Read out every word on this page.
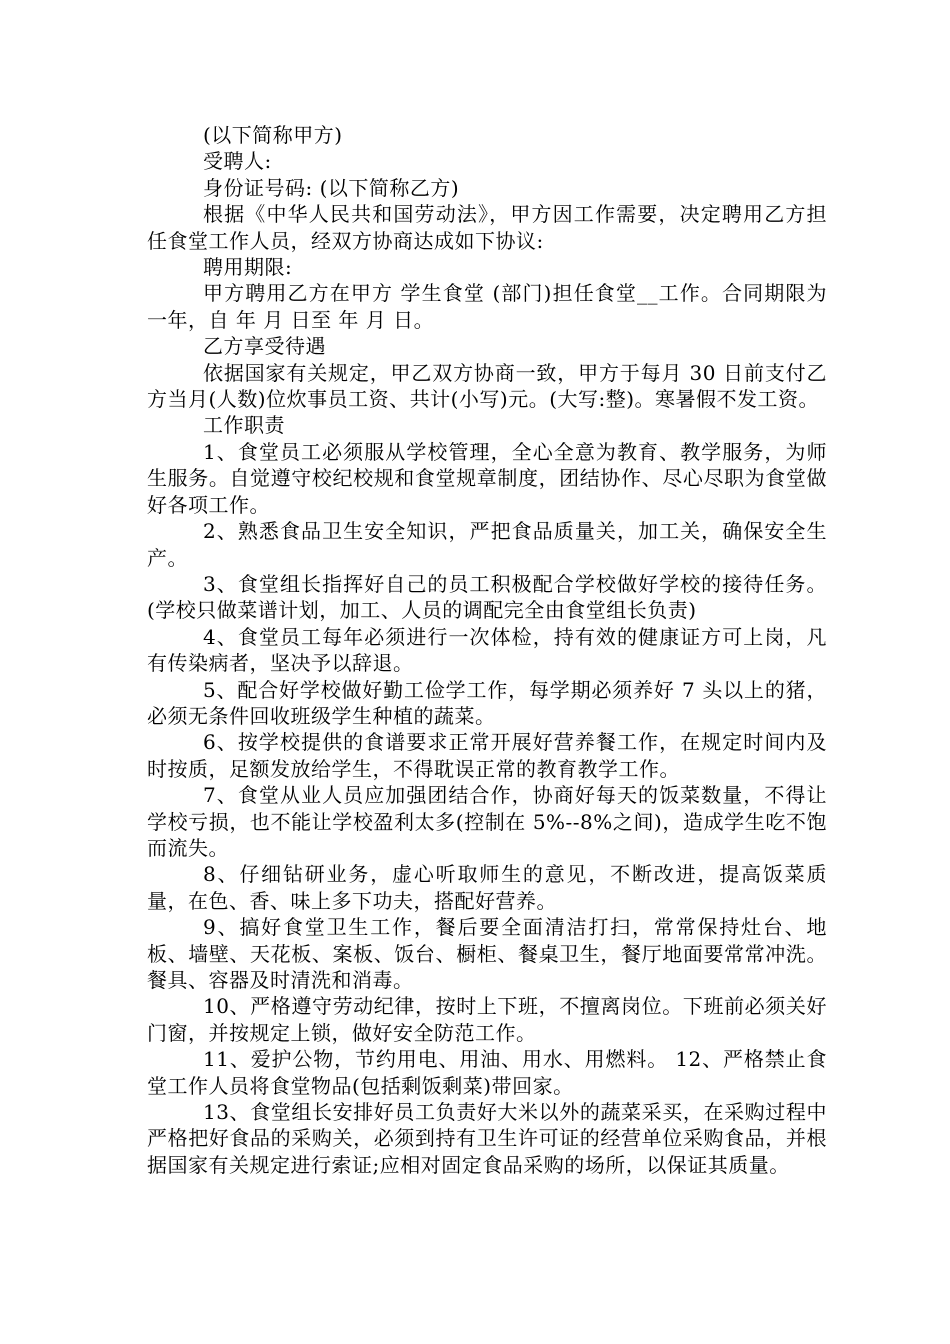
(以下简称甲方)

受聘人:

身份证号码: (以下简称乙方)

根据《中华人民共和国劳动法》，甲方因工作需要，决定聘用乙方担任食堂工作人员，经双方协商达成如下协议:

聘用期限:

甲方聘用乙方在甲方 学生食堂 (部门)担任食堂__工作。合同期限为一年，自 年 月 日至 年 月 日。

乙方享受待遇

依据国家有关规定，甲乙双方协商一致，甲方于每月 30 日前支付乙方当月(人数)位炊事员工资、共计(小写)元。(大写:整)。寒暑假不发工资。

工作职责

1、食堂员工必须服从学校管理，全心全意为教育、教学服务，为师生服务。自觉遵守校纪校规和食堂规章制度，团结协作、尽心尽职为食堂做好各项工作。

2、熟悉食品卫生安全知识，严把食品质量关，加工关，确保安全生产。

3、食堂组长指挥好自己的员工积极配合学校做好学校的接待任务。(学校只做菜谱计划，加工、人员的调配完全由食堂组长负责)

4、食堂员工每年必须进行一次体检，持有效的健康证方可上岗，凡有传染病者，坚决予以辞退。

5、配合好学校做好勤工俭学工作，每学期必须养好 7 头以上的猪，必须无条件回收班级学生种植的蔬菜。

6、按学校提供的食谱要求正常开展好营养餐工作，在规定时间内及时按质，足额发放给学生，不得耽误正常的教育教学工作。

7、食堂从业人员应加强团结合作，协商好每天的饭菜数量，不得让学校亏损，也不能让学校盈利太多(控制在 5%--8%之间)，造成学生吃不饱而流失。

8、仔细钻研业务，虚心听取师生的意见，不断改进，提高饭菜质量，在色、香、味上多下功夫，搭配好营养。

9、搞好食堂卫生工作，餐后要全面清洁打扫，常常保持灶台、地板、墙壁、天花板、案板、饭台、橱柜、餐桌卫生，餐厅地面要常常冲洗。餐具、容器及时清洗和消毒。

10、严格遵守劳动纪律，按时上下班，不擅离岗位。下班前必须关好门窗，并按规定上锁，做好安全防范工作。

11、爱护公物，节约用电、用油、用水、用燃料。 12、严格禁止食堂工作人员将食堂物品(包括剩饭剩菜)带回家。

13、食堂组长安排好员工负责好大米以外的蔬菜采买，在采购过程中严格把好食品的采购关，必须到持有卫生许可证的经营单位采购食品，并根据国家有关规定进行索证;应相对固定食品采购的场所，以保证其质量。
